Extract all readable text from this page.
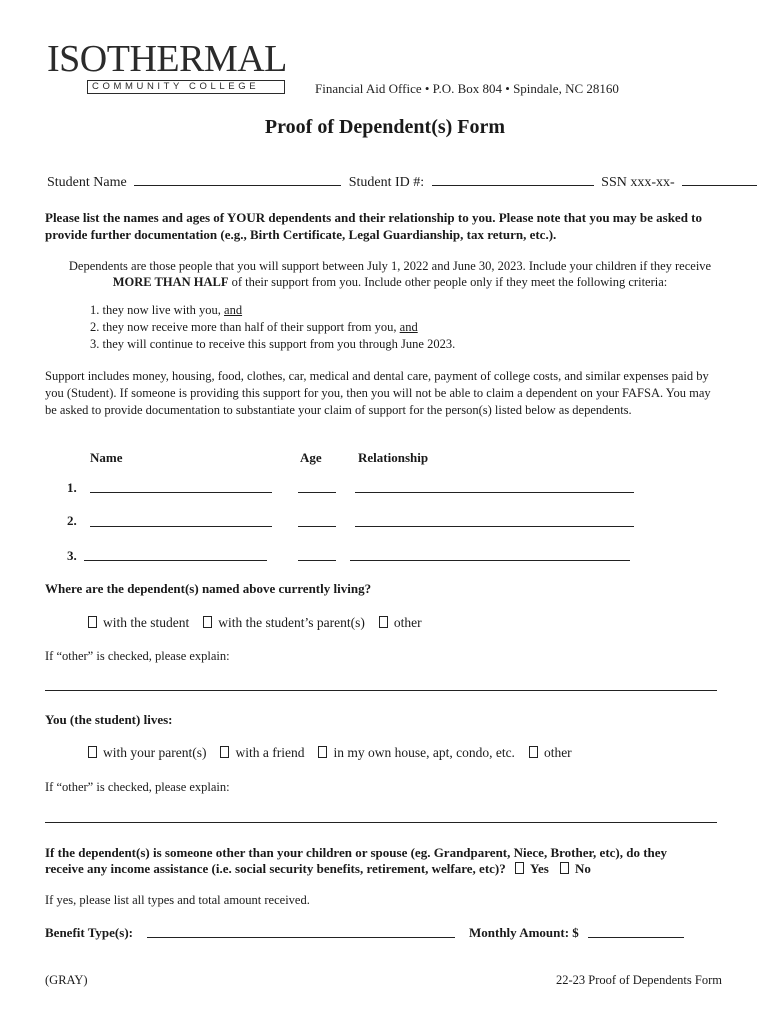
ISOTHERMAL
COMMUNITY COLLEGE	Financial Aid Office • P.O. Box 804 • Spindale, NC 28160
Proof of Dependent(s) Form
Student Name	Student ID #:	SSN xxx-xx-
Please list the names and ages of YOUR dependents and their relationship to you. Please note that you may be asked to provide further documentation (e.g., Birth Certificate, Legal Guardianship, tax return, etc.).
Dependents are those people that you will support between July 1, 2022 and June 30, 2023. Include your children if they receive MORE THAN HALF of their support from you. Include other people only if they meet the following criteria:
1. they now live with you, and
2. they now receive more than half of their support from you, and
3. they will continue to receive this support from you through June 2023.
Support includes money, housing, food, clothes, car, medical and dental care, payment of college costs, and similar expenses paid by you (Student). If someone is providing this support for you, then you will not be able to claim a dependent on your FAFSA. You may be asked to provide documentation to substantiate your claim of support for the person(s) listed below as dependents.
Name	Age	Relationship
1.
2.
3.
Where are the dependent(s) named above currently living?
with the student with the student’s parent(s) other
If “other” is checked, please explain:
You (the student) lives:
with your parent(s) with a friend in my own house, apt, condo, etc. other
If “other” is checked, please explain:
If the dependent(s) is someone other than your children or spouse (eg. Grandparent, Niece, Brother, etc), do they
receive any income assistance (i.e. social security benefits, retirement, welfare, etc)? Yes No
If yes, please list all types and total amount received.
Benefit Type(s):	Monthly Amount: $
(GRAY)	22-23 Proof of Dependents Form
